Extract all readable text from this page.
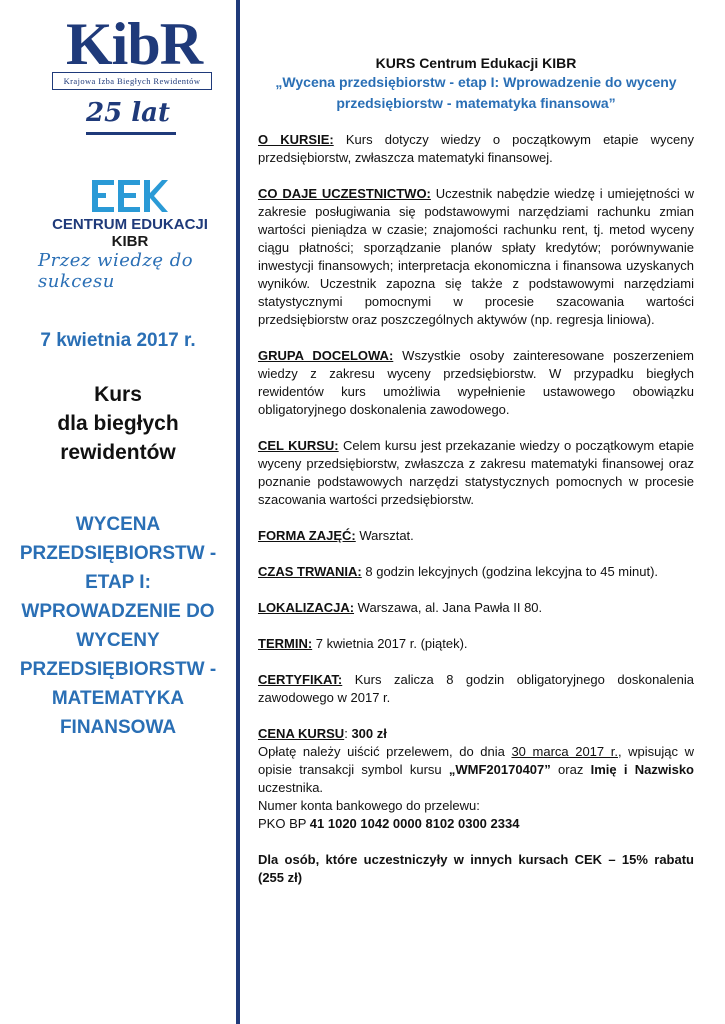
KibR
Krajowa Izba Biegłych Rewidentów
25 lat
CENTRUM EDUKACJI KIBR
Przez wiedzę do sukcesu
7 kwietnia 2017 r.
Kurs
dla biegłych
rewidentów
WYCENA
PRZEDSIĘBIORSTW -
ETAP I:
WPROWADZENIE DO
WYCENY
PRZEDSIĘBIORSTW -
MATEMATYKA
FINANSOWA
KURS Centrum Edukacji KIBR
„Wycena przedsiębiorstw - etap I: Wprowadzenie do wyceny
przedsiębiorstw - matematyka finansowa”

O KURSIE: Kurs dotyczy wiedzy o początkowym etapie wyceny przedsiębiorstw, zwłaszcza matematyki finansowej.

CO DAJE UCZESTNICTWO: Uczestnik nabędzie wiedzę i umiejętności w zakresie posługiwania się podstawowymi narzędziami rachunku zmian wartości pieniądza w czasie; znajomości rachunku rent, tj. metod wyceny ciągu płatności; sporządzanie planów spłaty kredytów; porównywanie inwestycji finansowych; interpretacja ekonomiczna i finansowa uzyskanych wyników. Uczestnik zapozna się także z podstawowymi narzędziami statystycznymi pomocnymi w procesie szacowania wartości przedsiębiorstw oraz poszczególnych aktywów (np. regresja liniowa).

GRUPA DOCELOWA: Wszystkie osoby zainteresowane poszerzeniem wiedzy z zakresu wyceny przedsiębiorstw. W przypadku biegłych rewidentów kurs umożliwia wypełnienie ustawowego obowiązku obligatoryjnego doskonalenia zawodowego.

CEL KURSU: Celem kursu jest przekazanie wiedzy o początkowym etapie wyceny przedsiębiorstw, zwłaszcza z zakresu matematyki finansowej oraz poznanie podstawowych narzędzi statystycznych pomocnych w procesie szacowania wartości przedsiębiorstw.

FORMA ZAJĘĆ: Warsztat.

CZAS TRWANIA: 8 godzin lekcyjnych (godzina lekcyjna to 45 minut).

LOKALIZACJA: Warszawa, al. Jana Pawła II 80.

TERMIN: 7 kwietnia 2017 r. (piątek).

CERTYFIKAT: Kurs zalicza 8 godzin obligatoryjnego doskonalenia zawodowego w 2017 r.

CENA KURSU: 300 zł
Opłatę należy uiścić przelewem, do dnia 30 marca 2017 r., wpisując w opisie transakcji symbol kursu „WMF20170407” oraz Imię i Nazwisko uczestnika.
Numer konta bankowego do przelewu:
PKO BP 41 1020 1042 0000 8102 0300 2334

Dla osób, które uczestniczyły w innych kursach CEK – 15% rabatu (255 zł)
